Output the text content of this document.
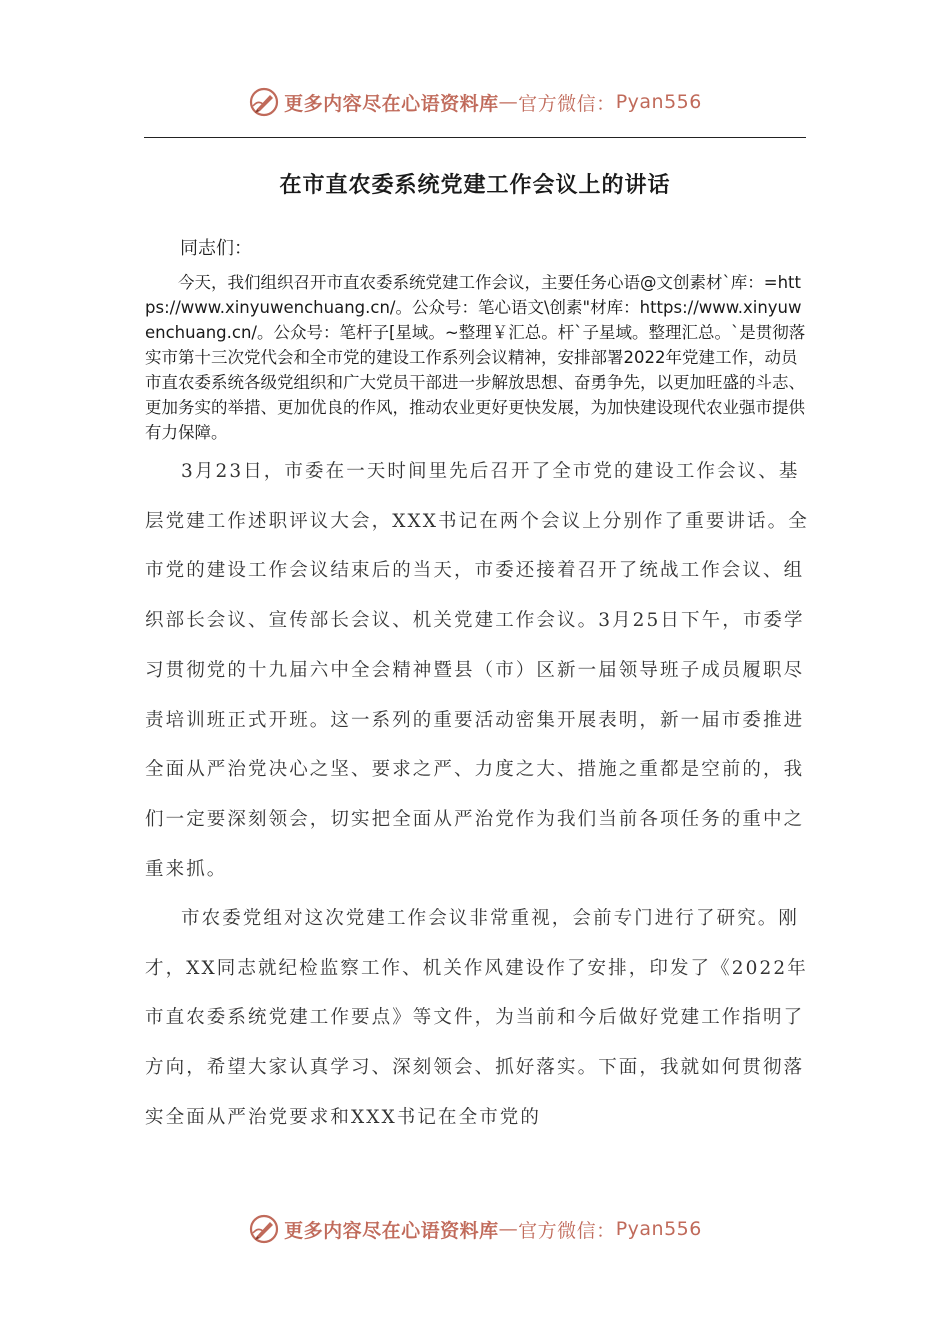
更多内容尽在心语资料库 — 官方微信： Pyan556
在市直农委系统党建工作会议上的讲话
同志们：

今天，我们组织召开市直农委系统党建工作会议，主要任务心语@文创素材`库：=https://www.xinyuwenchuang.cn/。公众号：笔心语文\创素"材库：https://www.xinyuwenchuang.cn/。公众号：笔杆子[星域。~整理￥汇总。杆`子星域。整理汇总。`是贯彻落实市第十三次党代会和全市党的建设工作系列会议精神，安排部署2022年党建工作，动员市直农委系统各级党组织和广大党员干部进一步解放思想、奋勇争先，以更加旺盛的斗志、更加务实的举措、更加优良的作风，推动农业更好更快发展，为加快建设现代农业强市提供有力保障。

3月23日，市委在一天时间里先后召开了全市党的建设工作会议、基层党建工作述职评议大会，XXX书记在两个会议上分别作了重要讲话。全市党的建设工作会议结束后的当天，市委还接着召开了统战工作会议、组织部长会议、宣传部长会议、机关党建工作会议。3月25日下午，市委学习贯彻党的十九届六中全会精神暨县（市）区新一届领导班子成员履职尽责培训班正式开班。这一系列的重要活动密集开展表明，新一届市委推进全面从严治党决心之坚、要求之严、力度之大、措施之重都是空前的，我们一定要深刻领会，切实把全面从严治党作为我们当前各项任务的重中之重来抓。

市农委党组对这次党建工作会议非常重视，会前专门进行了研究。刚才，XX同志就纪检监察工作、机关作风建设作了安排，印发了《2022年市直农委系统党建工作要点》等文件，为当前和今后做好党建工作指明了方向，希望大家认真学习、深刻领会、抓好落实。下面，我就如何贯彻落实全面从严治党要求和XXX书记在全市党的

更多内容尽在心语资料库 — 官方微信： Pyan556
